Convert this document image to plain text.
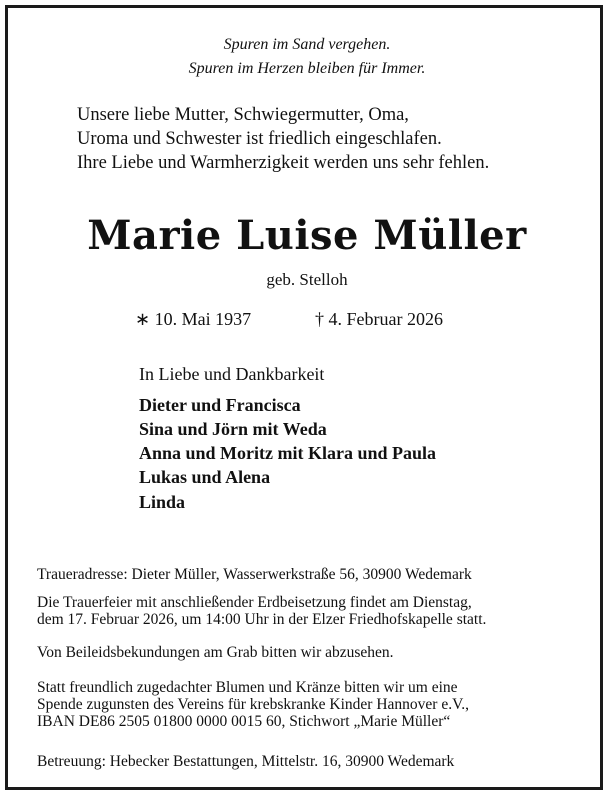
Spuren im Sand vergehen.
Spuren im Herzen bleiben für Immer.
Unsere liebe Mutter, Schwiegermutter, Oma,
Uroma und Schwester ist friedlich eingeschlafen.
Ihre Liebe und Warmherzigkeit werden uns sehr fehlen.
Marie Luise Müller
geb. Stelloh
∗ 10. Mai 1937	† 4. Februar 2026
In Liebe und Dankbarkeit
Dieter und Francisca
Sina und Jörn mit Weda
Anna und Moritz mit Klara und Paula
Lukas und Alena
Linda
Traueradresse: Dieter Müller, Wasserwerkstraße 56, 30900 Wedemark
Die Trauerfeier mit anschließender Erdbeisetzung findet am Dienstag,
dem 17. Februar 2026, um 14:00 Uhr in der Elzer Friedhofskapelle statt.
Von Beileidsbekundungen am Grab bitten wir abzusehen.
Statt freundlich zugedachter Blumen und Kränze bitten wir um eine
Spende zugunsten des Vereins für krebskranke Kinder Hannover e.V.,
IBAN DE86 2505 01800 0000 0015 60, Stichwort „Marie Müller“
Betreuung: Hebecker Bestattungen, Mittelstr. 16, 30900 Wedemark
